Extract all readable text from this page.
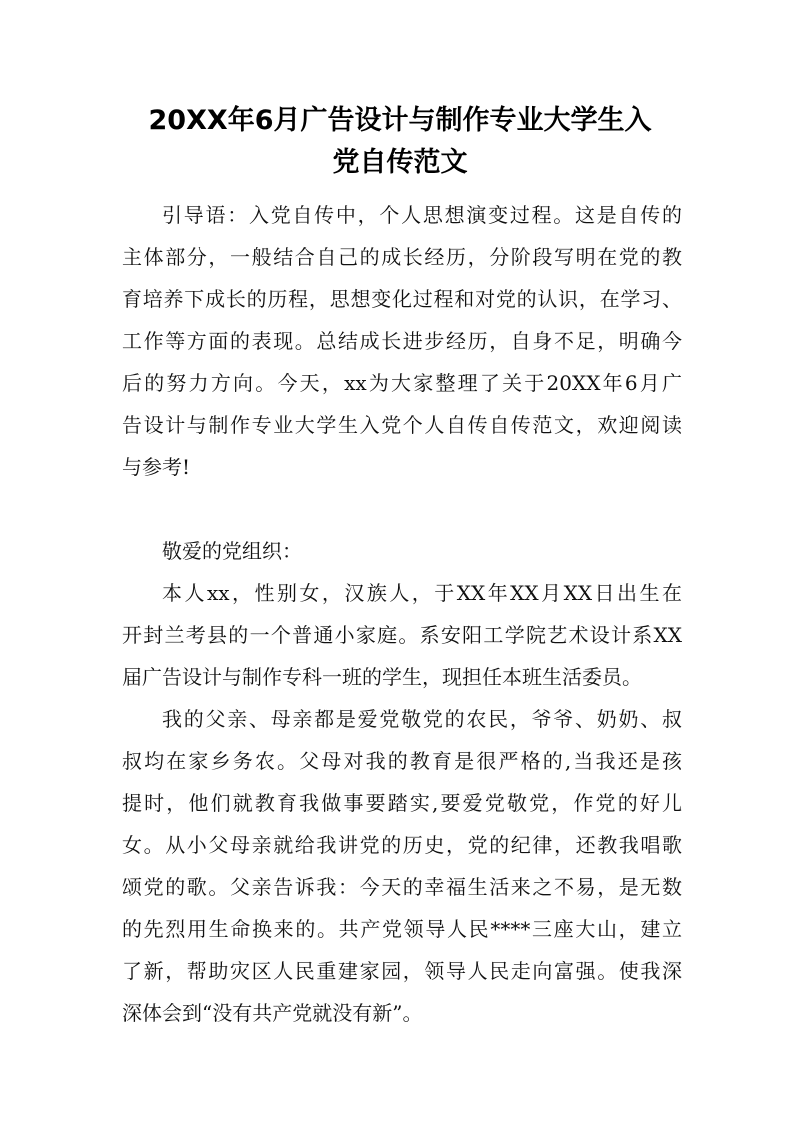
20XX年6月广告设计与制作专业大学生入
党自传范文
引导语：入党自传中，个人思想演变过程。这是自传的
主体部分，一般结合自己的成长经历，分阶段写明在党的教
育培养下成长的历程，思想变化过程和对党的认识，在学习、
工作等方面的表现。总结成长进步经历，自身不足，明确今
后的努力方向。今天，xx为大家整理了关于20XX年6月广
告设计与制作专业大学生入党个人自传自传范文，欢迎阅读
与参考!
敬爱的党组织：
本人xx，性别女，汉族人，于XX年XX月XX日出生在
开封兰考县的一个普通小家庭。系安阳工学院艺术设计系XX
届广告设计与制作专科一班的学生，现担任本班生活委员。
我的父亲、母亲都是爱党敬党的农民，爷爷、奶奶、叔
叔均在家乡务农。父母对我的教育是很严格的,当我还是孩
提时，他们就教育我做事要踏实,要爱党敬党，作党的好儿
女。从小父母亲就给我讲党的历史，党的纪律，还教我唱歌
颂党的歌。父亲告诉我：今天的幸福生活来之不易，是无数
的先烈用生命换来的。共产党领导人民****三座大山，建立
了新，帮助灾区人民重建家园，领导人民走向富强。使我深
深体会到“没有共产党就没有新”。
